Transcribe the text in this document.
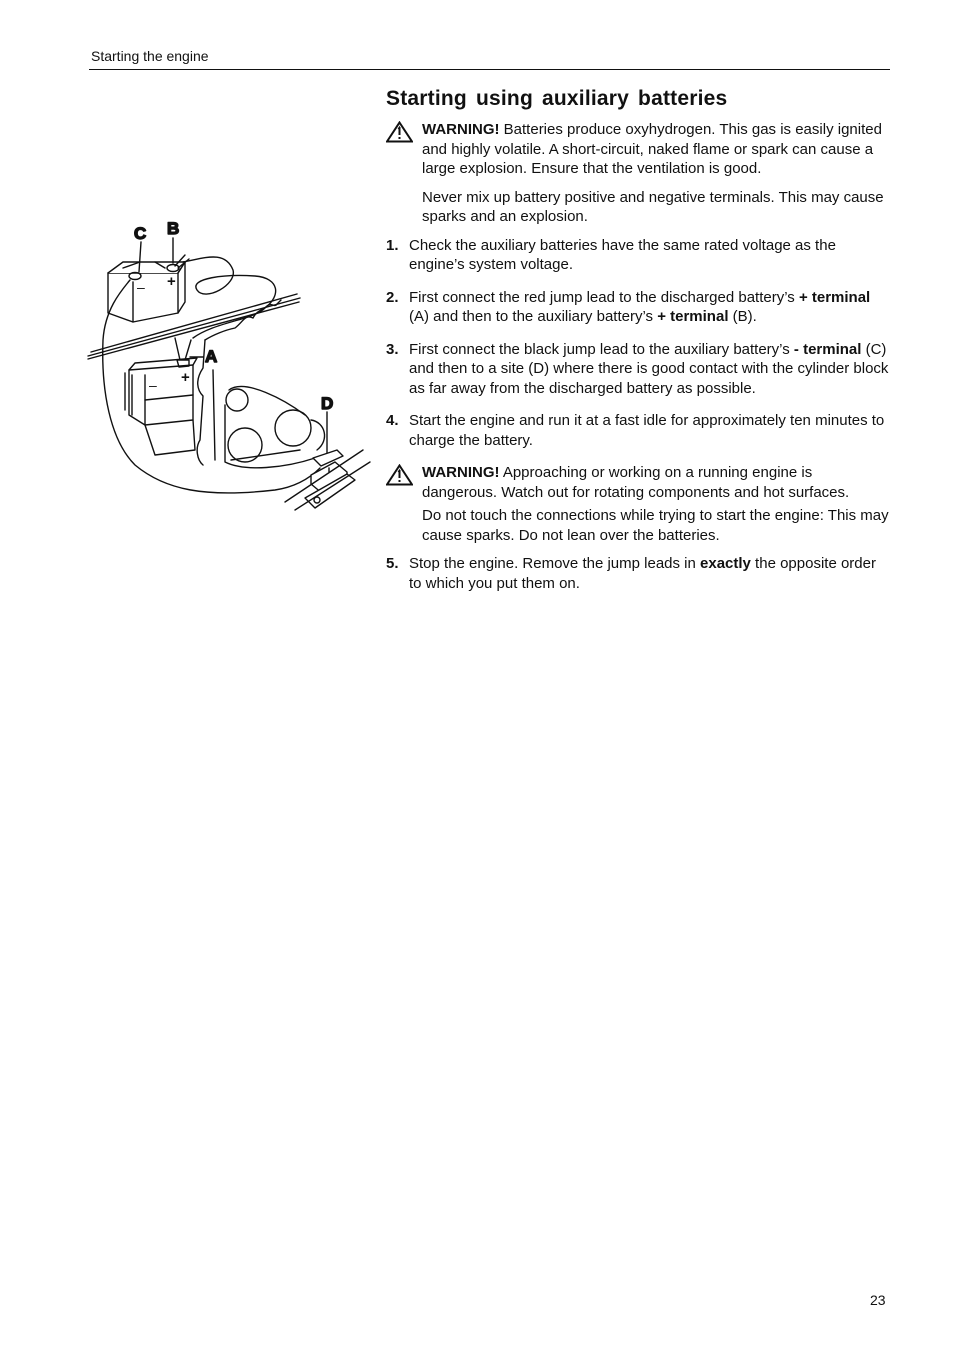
Starting the engine
– +
C B
– +
A
D
Starting using auxiliary batteries

WARNING! Batteries produce oxyhydrogen. This gas is easily ignited and highly volatile. A short-circuit, naked flame or spark can cause a large explosion. Ensure that the ventilation is good.

Never mix up battery positive and negative terminals. This may cause sparks and an explosion.

1. Check the auxiliary batteries have the same rated voltage as the engine’s system voltage.
2. First connect the red jump lead to the discharged battery’s + terminal (A) and then to the auxiliary battery’s + terminal (B).
3. First connect the black jump lead to the auxiliary battery’s - terminal (C) and then to a site (D) where there is good contact with the cylinder block as far away from the discharged battery as possible.
4. Start the engine and run it at a fast idle for approximately ten minutes to charge the battery.

WARNING! Approaching or working on a running engine is dangerous. Watch out for rotating components and hot surfaces.

Do not touch the connections while trying to start the engine: This may cause sparks. Do not lean over the batteries.

5. Stop the engine. Remove the jump leads in exactly the opposite order to which you put them on.
23
